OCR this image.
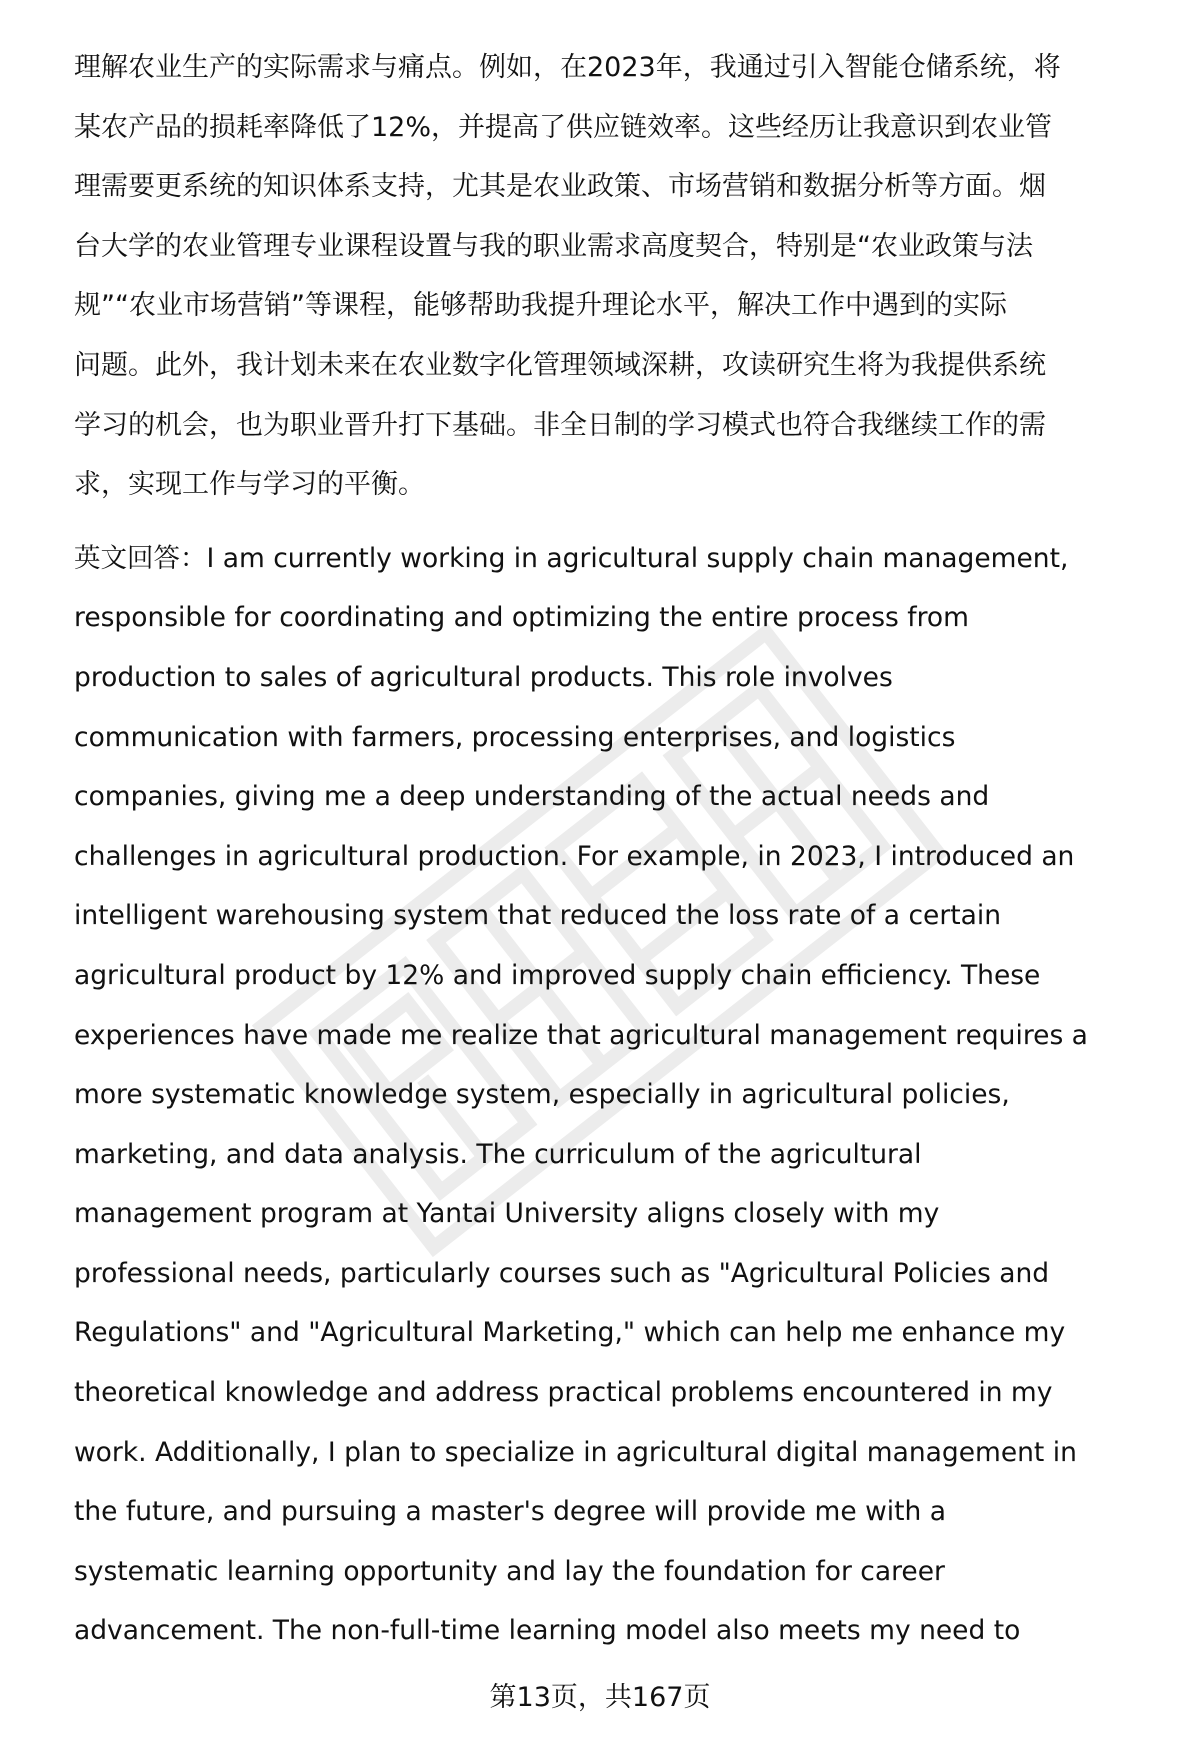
理解农业生产的实际需求与痛点。例如，在2023年，我通过引入智能仓储系统，将
某农产品的损耗率降低了12%，并提高了供应链效率。这些经历让我意识到农业管
理需要更系统的知识体系支持，尤其是农业政策、市场营销和数据分析等方面。烟
台大学的农业管理专业课程设置与我的职业需求高度契合，特别是“农业政策与法
规”“农业市场营销”等课程，能够帮助我提升理论水平，解决工作中遇到的实际
问题。此外，我计划未来在农业数字化管理领域深耕，攻读研究生将为我提供系统
学习的机会，也为职业晋升打下基础。非全日制的学习模式也符合我继续工作的需
求，实现工作与学习的平衡。
英文回答：I am currently working in agricultural supply chain management,
responsible for coordinating and optimizing the entire process from
production to sales of agricultural products. This role involves
communication with farmers, processing enterprises, and logistics
companies, giving me a deep understanding of the actual needs and
challenges in agricultural production. For example, in 2023, I introduced an
intelligent warehousing system that reduced the loss rate of a certain
agricultural product by 12% and improved supply chain efficiency. These
experiences have made me realize that agricultural management requires a
more systematic knowledge system, especially in agricultural policies,
marketing, and data analysis. The curriculum of the agricultural
management program at Yantai University aligns closely with my
professional needs, particularly courses such as "Agricultural Policies and
Regulations" and "Agricultural Marketing," which can help me enhance my
theoretical knowledge and address practical problems encountered in my
work. Additionally, I plan to specialize in agricultural digital management in
the future, and pursuing a master's degree will provide me with a
systematic learning opportunity and lay the foundation for career
advancement. The non-full-time learning model also meets my need to
第13页，共167页
